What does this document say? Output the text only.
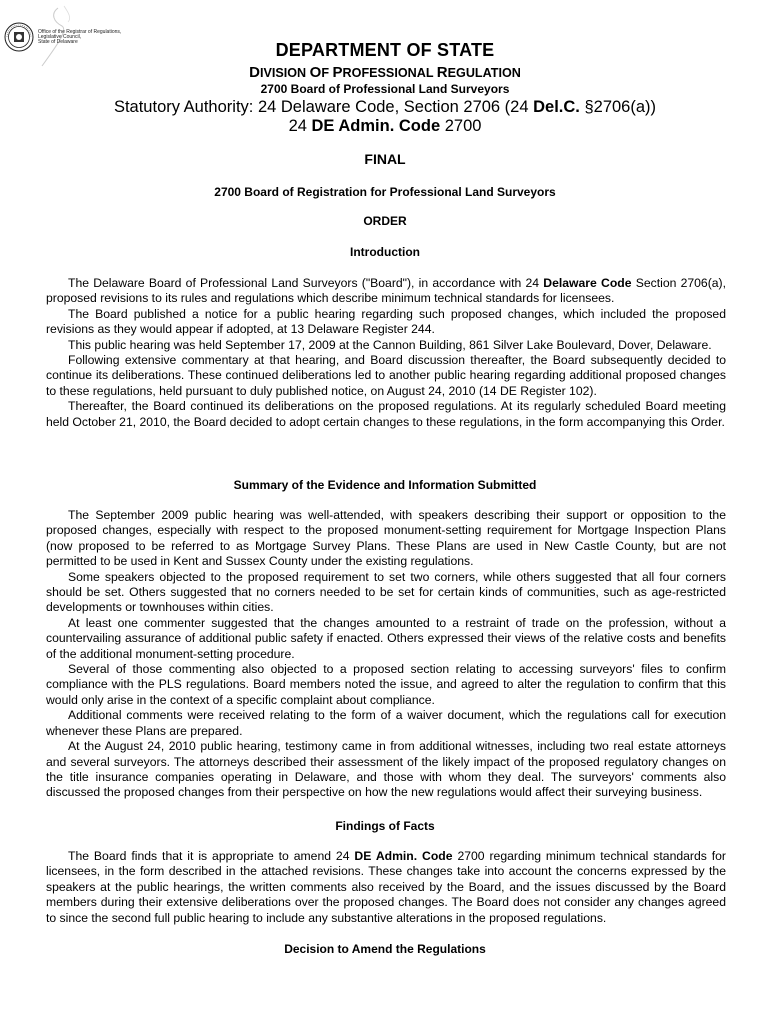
Office of the Registrar of Regulations,
Legislative Council,
State of Delaware	DEPARTMENT OF STATE
DIVISION OF PROFESSIONAL REGULATION
2700 Board of Professional Land Surveyors
Statutory Authority: 24 Delaware Code, Section 2706 (24 Del.C. §2706(a))
24 DE Admin. Code 2700
FINAL
2700 Board of Registration for Professional Land Surveyors
ORDER
Introduction

The Delaware Board of Professional Land Surveyors ("Board"), in accordance with 24 Delaware Code Section 2706(a), proposed revisions to its rules and regulations which describe minimum technical standards for licensees.

The Board published a notice for a public hearing regarding such proposed changes, which included the proposed revisions as they would appear if adopted, at 13 Delaware Register 244.

This public hearing was held September 17, 2009 at the Cannon Building, 861 Silver Lake Boulevard, Dover, Delaware.

Following extensive commentary at that hearing, and Board discussion thereafter, the Board subsequently decided to continue its deliberations. These continued deliberations led to another public hearing regarding additional proposed changes to these regulations, held pursuant to duly published notice, on August 24, 2010 (14 DE Register 102).

Thereafter, the Board continued its deliberations on the proposed regulations. At its regularly scheduled Board meeting held October 21, 2010, the Board decided to adopt certain changes to these regulations, in the form accompanying this Order.

Summary of the Evidence and Information Submitted

The September 2009 public hearing was well-attended, with speakers describing their support or opposition to the proposed changes, especially with respect to the proposed monument-setting requirement for Mortgage Inspection Plans (now proposed to be referred to as Mortgage Survey Plans. These Plans are used in New Castle County, but are not permitted to be used in Kent and Sussex County under the existing regulations.

Some speakers objected to the proposed requirement to set two corners, while others suggested that all four corners should be set. Others suggested that no corners needed to be set for certain kinds of communities, such as age-restricted developments or townhouses within cities.

At least one commenter suggested that the changes amounted to a restraint of trade on the profession, without a countervailing assurance of additional public safety if enacted. Others expressed their views of the relative costs and benefits of the additional monument-setting procedure.

Several of those commenting also objected to a proposed section relating to accessing surveyors' files to confirm compliance with the PLS regulations. Board members noted the issue, and agreed to alter the regulation to confirm that this would only arise in the context of a specific complaint about compliance.

Additional comments were received relating to the form of a waiver document, which the regulations call for execution whenever these Plans are prepared.

At the August 24, 2010 public hearing, testimony came in from additional witnesses, including two real estate attorneys and several surveyors. The attorneys described their assessment of the likely impact of the proposed regulatory changes on the title insurance companies operating in Delaware, and those with whom they deal. The surveyors' comments also discussed the proposed changes from their perspective on how the new regulations would affect their surveying business.

Findings of Facts

The Board finds that it is appropriate to amend 24 DE Admin. Code 2700 regarding minimum technical standards for licensees, in the form described in the attached revisions. These changes take into account the concerns expressed by the speakers at the public hearings, the written comments also received by the Board, and the issues discussed by the Board members during their extensive deliberations over the proposed changes. The Board does not consider any changes agreed to since the second full public hearing to include any substantive alterations in the proposed regulations.

Decision to Amend the Regulations
